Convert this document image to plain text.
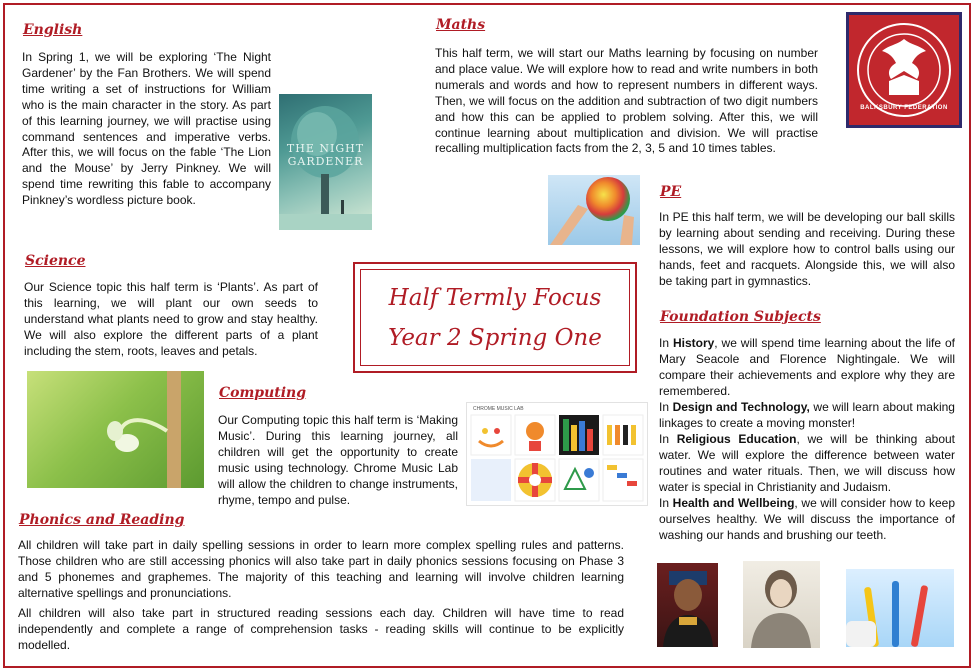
English

In Spring 1, we will be exploring ‘The Night Gardener’ by the Fan Brothers. We will spend time writing a set of instructions for William who is the main character in the story. As part of this learning journey, we will practise using command sentences and imperative verbs. After this, we will focus on the fable ‘The Lion and the Mouse’ by Jerry Pinkney. We will spend time rewriting this fable to accompany Pinkney’s wordless picture book.

THE NIGHT GARDENER
Maths

This half term, we will start our Maths learning by focusing on number and place value. We will explore how to read and write numbers in both numerals and words and how to represent numbers in different ways. Then, we will focus on the addition and subtraction of two digit numbers and how this can be applied to problem solving. After this, we will continue learning about multiplication and division. We will practise recalling multiplication facts from the 2, 3, 5 and 10 times tables.

BALKSBURY FEDERATION
PE

In PE this half term, we will be developing our ball skills by learning about sending and receiving. During these lessons, we will explore how to control balls using our hands, feet and racquets. Alongside this, we will also be taking part in gymnastics.

Science

Our Science topic this half term is ‘Plants’. As part of this learning, we will plant our own seeds to understand what plants need to grow and stay healthy. We will also explore the different parts of a plant including the stem, roots, leaves and petals.

Half Termly Focus
Year 2 Spring One
Computing

Our Computing topic this half term is ‘Making Music’. During this learning journey, all children will get the opportunity to create music using technology. Chrome Music Lab will allow the children to change instruments, rhyme, tempo and pulse.

CHROME MUSIC LAB
Foundation Subjects

In History, we will spend time learning about the life of Mary Seacole and Florence Nightingale. We will compare their achievements and explore why they are remembered.

In Design and Technology, we will learn about making linkages to create a moving monster!

In Religious Education, we will be thinking about water. We will explore the difference between water routines and water rituals. Then, we will discuss how water is special in Christianity and Judaism.

In Health and Wellbeing, we will consider how to keep ourselves healthy. We will discuss the importance of washing our hands and brushing our teeth.

Phonics and Reading

All children will take part in daily spelling sessions in order to learn more complex spelling rules and patterns. Those children who are still accessing phonics will also take part in daily phonics sessions focusing on Phase 3 and 5 phonemes and graphemes. The majority of this teaching and learning will involve children learning alternative spellings and pronunciations.

All children will also take part in structured reading sessions each day. Children will have time to read independently and complete a range of comprehension tasks - reading skills will continue to be explicitly modelled.
